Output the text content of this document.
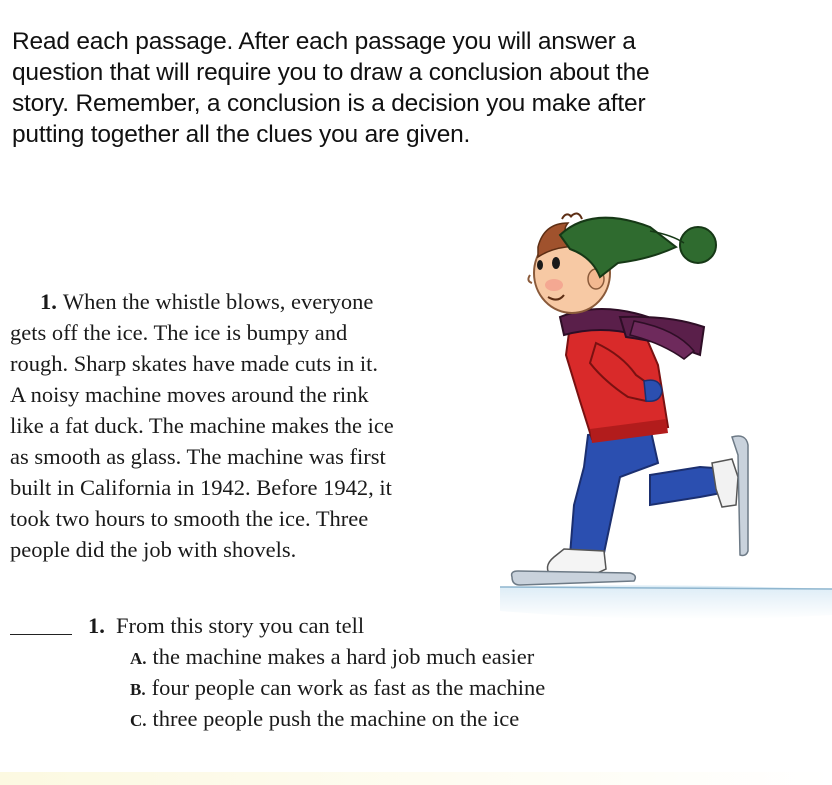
Read each passage. After each passage you will answer a
question that will require you to draw a conclusion about the
story. Remember, a conclusion is a decision you make after
putting together all the clues you are given.
1. When the whistle blows, everyone
gets off the ice. The ice is bumpy and
rough. Sharp skates have made cuts in it.
A noisy machine moves around the rink
like a fat duck. The machine makes the ice
as smooth as glass. The machine was first
built in California in 1942. Before 1942, it
took two hours to smooth the ice. Three
people did the job with shovels.
1. From this story you can tell
A. the machine makes a hard job much easier
B. four people can work as fast as the machine
C. three people push the machine on the ice
